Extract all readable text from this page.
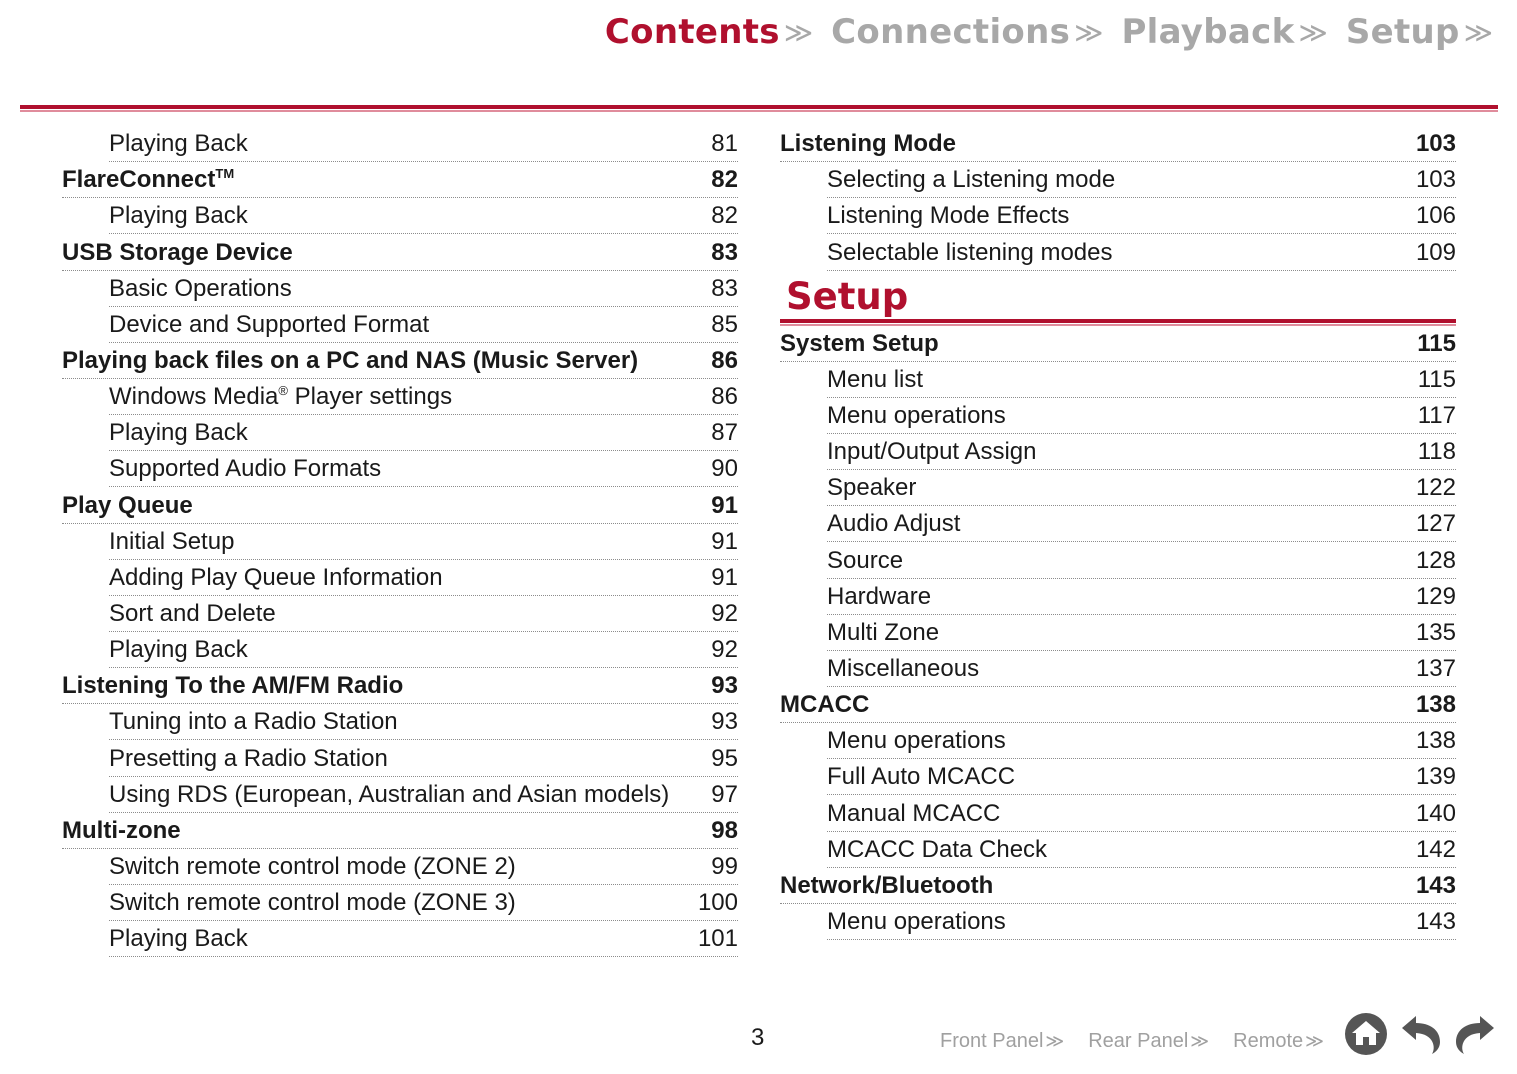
Contents ≫ Connections ≫ Playback ≫ Setup ≫
Playing Back	81
FlareConnect™	82
Playing Back	82
USB Storage Device	83
Basic Operations	83
Device and Supported Format	85
Playing back files on a PC and NAS (Music Server)	86
Windows Media® Player settings	86
Playing Back	87
Supported Audio Formats	90
Play Queue	91
Initial Setup	91
Adding Play Queue Information	91
Sort and Delete	92
Playing Back	92
Listening To the AM/FM Radio	93
Tuning into a Radio Station	93
Presetting a Radio Station	95
Using RDS (European, Australian and Asian models) 97
Multi-zone	98
Switch remote control mode (ZONE 2)	99
Switch remote control mode (ZONE 3)	100
Playing Back	101
Listening Mode	103
Selecting a Listening mode	103
Listening Mode Effects	106
Selectable listening modes	109
Setup
System Setup	115
Menu list	115
Menu operations	117
Input/Output Assign	118
Speaker	122
Audio Adjust	127
Source	128
Hardware	129
Multi Zone	135
Miscellaneous	137
MCACC	138
Menu operations	138
Full Auto MCACC	139
Manual MCACC	140
MCACC Data Check	142
Network/Bluetooth	143
Menu operations	143
3	Front Panel ≫ Rear Panel ≫ Remote ≫
